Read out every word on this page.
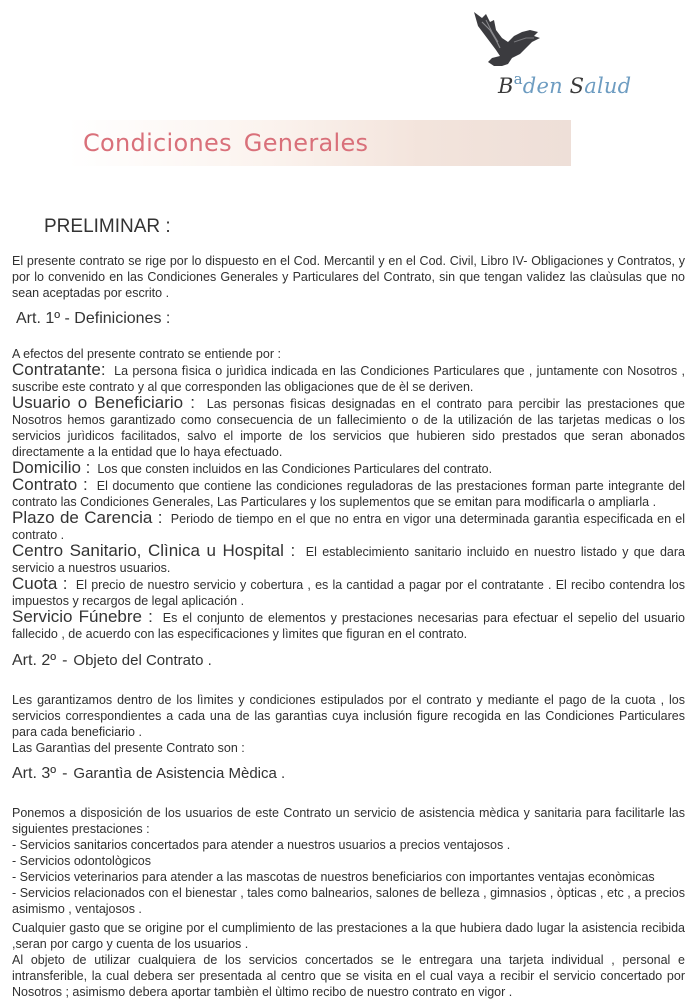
$B^aden$ Salud
Condiciones Generales
PRELIMINAR :
El presente contrato se rige por lo dispuesto en el Cod. Mercantil y en el Cod. Civil, Libro IV- Obligaciones y Contratos, y por lo convenido en las Condiciones Generales y Particulares del Contrato, sin que tengan validez las claùsulas que no sean aceptadas por escrito .
Art. 1º - Definiciones :
A efectos del presente contrato se entiende por :
Contratante: La persona fìsica o jurìdica indicada en las Condiciones Particulares que , juntamente con Nosotros , suscribe este contrato y al que corresponden las obligaciones que de èl se deriven.
Usuario o Beneficiario : Las personas fìsicas designadas en el contrato para percibir las prestaciones que Nosotros hemos garantizado como consecuencia de un fallecimiento o de la utilización de las tarjetas medicas o los servicios jurìdicos facilitados, salvo el importe de los servicios que hubieren sido prestados que seran abonados directamente a la entidad que lo haya efectuado.
Domicilio : Los que consten incluidos en las Condiciones Particulares del contrato.
Contrato : El documento que contiene las condiciones reguladoras de las prestaciones forman parte integrante del contrato las Condiciones Generales, Las Particulares y los suplementos que se emitan para modificarla o ampliarla .
Plazo de Carencia : Periodo de tiempo en el que no entra en vigor una determinada garantìa especificada en el contrato .
Centro Sanitario, Clìnica u Hospital : El establecimiento sanitario incluido en nuestro listado y que dara servicio a nuestros usuarios.
Cuota : El precio de nuestro servicio y cobertura , es la cantidad a pagar por el contratante . El recibo contendra los impuestos y recargos de legal aplicación .
Servicio Fúnebre : Es el conjunto de elementos y prestaciones necesarias para efectuar el sepelio del usuario fallecido , de acuerdo con las especificaciones y lìmites que figuran en el contrato.
Art. 2º - Objeto del Contrato .
Les garantizamos dentro de los lìmites y condiciones estipulados por el contrato y mediante el pago de la cuota , los servicios correspondientes a cada una de las garantìas cuya inclusión figure recogida en las Condiciones Particulares para cada beneficiario .
Las Garantìas del presente Contrato son :
Art. 3º - Garantìa de Asistencia Mèdica .
Ponemos a disposición de los usuarios de este Contrato un servicio de asistencia mèdica y sanitaria para facilitarle las siguientes prestaciones :
- Servicios sanitarios concertados para atender a nuestros usuarios a precios ventajosos .
- Servicios odontològicos
- Servicios veterinarios para atender a las mascotas de nuestros beneficiarios con importantes ventajas econòmicas
- Servicios relacionados con el bienestar , tales como balnearios, salones de belleza , gimnasios , òpticas , etc , a precios asimismo , ventajosos .
Cualquier gasto que se origine por el cumplimiento de las prestaciones a la que hubiera dado lugar la asistencia recibida ,seran por cargo y cuenta de los usuarios .
Al objeto de utilizar cualquiera de los servicios concertados se le entregara una tarjeta individual , personal e intransferible, la cual debera ser presentada al centro que se visita en el cual vaya a recibir el servicio concertado por Nosotros ; asimismo debera aportar tambièn el ùltimo recibo de nuestro contrato en vigor .
